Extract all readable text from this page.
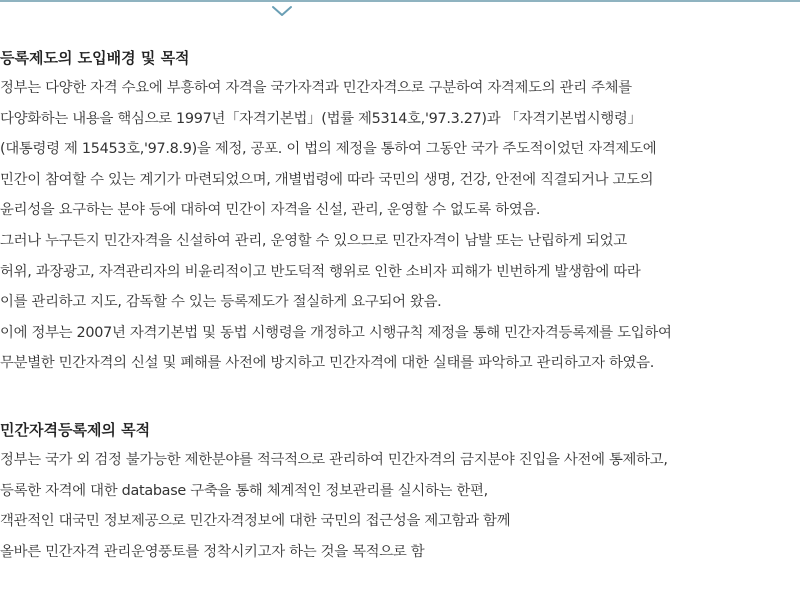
등록제도의 도입배경 및 목적

정부는 다양한 자격 수요에 부흥하여 자격을 국가자격과 민간자격으로 구분하여 자격제도의 관리 주체를

다양화하는 내용을 핵심으로 1997년「자격기본법」(법률 제5314호,'97.3.27)과 「자격기본법시행령」

(대통령령 제 15453호,'97.8.9)을 제정, 공포. 이 법의 제정을 통하여 그동안 국가 주도적이었던 자격제도에

민간이 참여할 수 있는 계기가 마련되었으며, 개별법령에 따라 국민의 생명, 건강, 안전에 직결되거나 고도의

윤리성을 요구하는 분야 등에 대하여 민간이 자격을 신설, 관리, 운영할 수 없도록 하였음.

그러나 누구든지 민간자격을 신설하여 관리, 운영할 수 있으므로 민간자격이 남발 또는 난립하게 되었고

허위, 과장광고, 자격관리자의 비윤리적이고 반도덕적 행위로 인한 소비자 피해가 빈번하게 발생함에 따라

이를 관리하고 지도, 감독할 수 있는 등록제도가 절실하게 요구되어 왔음.

이에 정부는 2007년 자격기본법 및 동법 시행령을 개정하고 시행규칙 제정을 통해 민간자격등록제를 도입하여

무분별한 민간자격의 신설 및 폐해를 사전에 방지하고 민간자격에 대한 실태를 파악하고 관리하고자 하였음.

민간자격등록제의 목적

정부는 국가 외 검정 불가능한 제한분야를 적극적으로 관리하여 민간자격의 금지분야 진입을 사전에 통제하고,

등록한 자격에 대한 database 구축을 통해 체계적인 정보관리를 실시하는 한편,

객관적인 대국민 정보제공으로 민간자격정보에 대한 국민의 접근성을 제고함과 함께

올바른 민간자격 관리운영풍토를 정착시키고자 하는 것을 목적으로 함
